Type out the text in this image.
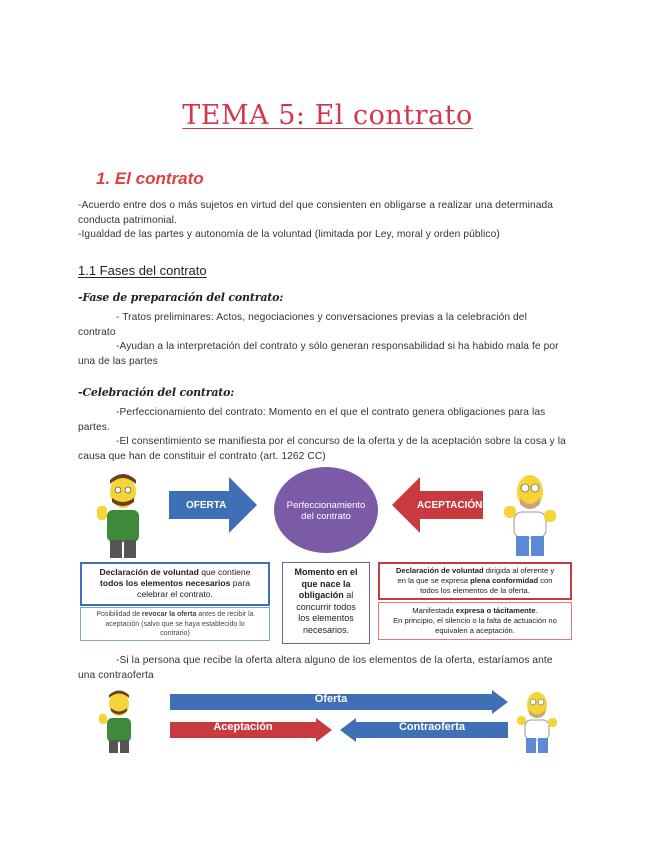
TEMA 5: El contrato
1. El contrato
-Acuerdo entre dos o más sujetos en virtud del que consienten en obligarse a realizar una determinada
conducta patrimonial.
-Igualdad de las partes y autonomía de la voluntad (limitada por Ley, moral y orden público)
1.1 Fases del contrato
-Fase de preparación del contrato:
- Tratos preliminares: Actos, negociaciones y conversaciones previas a la celebración del
contrato
-Ayudan a la interpretación del contrato y sólo generan responsabilidad si ha habido mala fe por
una de las partes
-Celebración del contrato:
-Perfeccionamiento del contrato: Momento en el que el contrato genera obligaciones para las
partes.
-El consentimiento se manifiesta por el concurso de la oferta y de la aceptación sobre la cosa y la
causa que han de constituir el contrato (art. 1262 CC)
OFERTA	Perfeccionamiento
del contrato
ACEPTACIÓN
Declaración de voluntad que contiene
todos los elementos necesarios para
celebrar el contrato.
Posibilidad de revocar la oferta antes de recibir la
aceptación (salvo que se haya establecido lo
contrario)
Momento en el
que nace la
obligación al
concurrir todos
los elementos
necesarios.
Declaración de voluntad dirigida al oferente y
en la que se expresa plena conformidad con
todos los elementos de la oferta.
Manifestada expresa o tácitamente.
En principio, el silencio o la falta de actuación no
equivalen a aceptación.
-Si la persona que recibe la oferta altera alguno de los elementos de la oferta, estaríamos ante
una contraoferta
Oferta
Aceptación	Contraoferta
